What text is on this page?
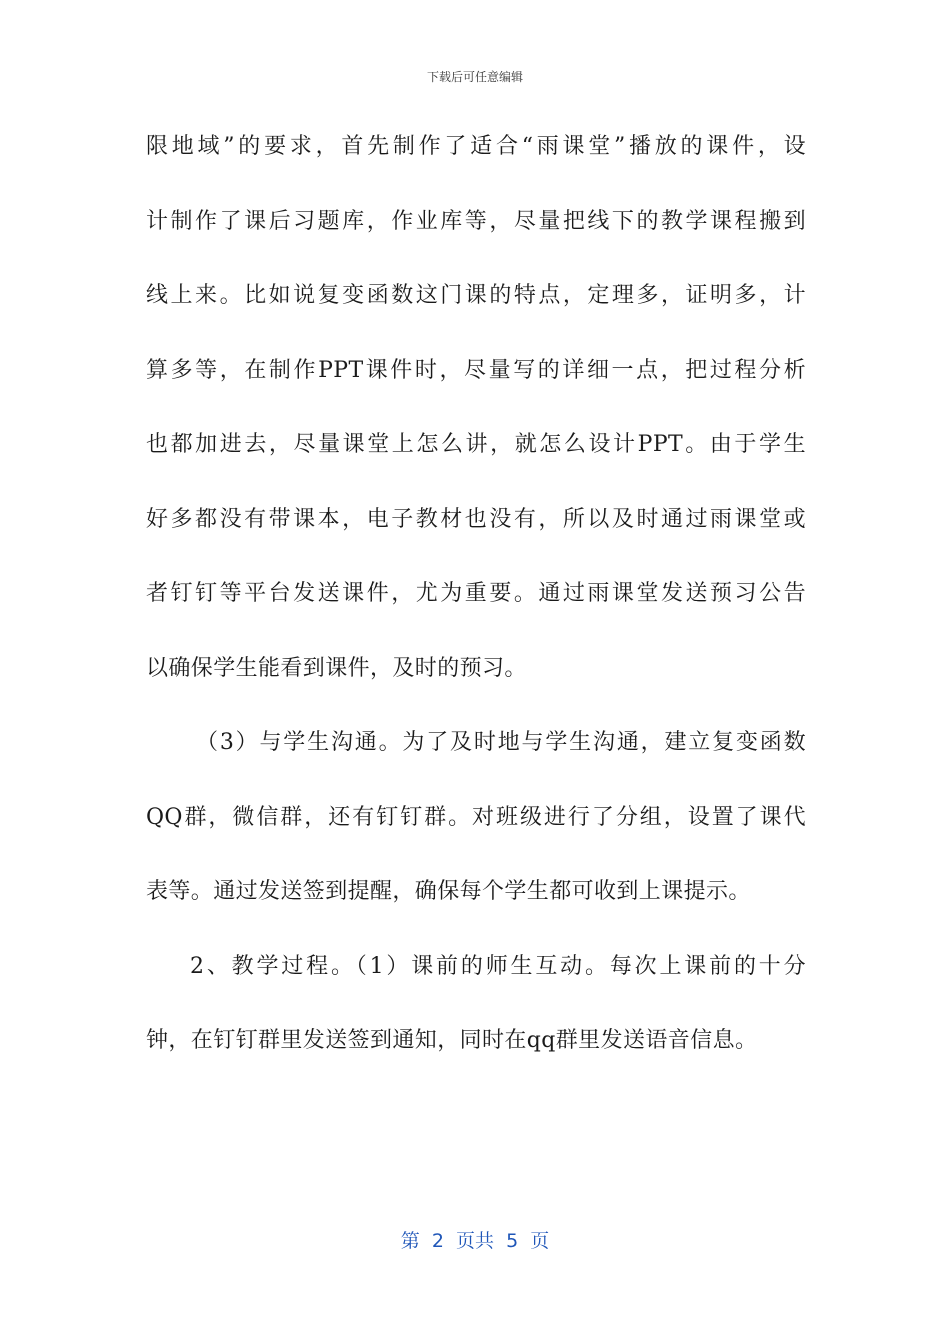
下载后可任意编辑
限地域”的要求，首先制作了适合“雨课堂”播放的课件，设
计制作了课后习题库，作业库等，尽量把线下的教学课程搬到
线上来。比如说复变函数这门课的特点，定理多，证明多，计
算多等，在制作PPT课件时，尽量写的详细一点，把过程分析
也都加进去，尽量课堂上怎么讲，就怎么设计PPT。由于学生
好多都没有带课本，电子教材也没有，所以及时通过雨课堂或
者钉钉等平台发送课件，尤为重要。通过雨课堂发送预习公告
以确保学生能看到课件，及时的预习。
（3）与学生沟通。为了及时地与学生沟通，建立复变函数
QQ群，微信群，还有钉钉群。对班级进行了分组，设置了课代
表等。通过发送签到提醒，确保每个学生都可收到上课提示。
2、教学过程。（1）课前的师生互动。每次上课前的十分
钟，在钉钉群里发送签到通知，同时在qq群里发送语音信息。
第  2  页共  5  页
